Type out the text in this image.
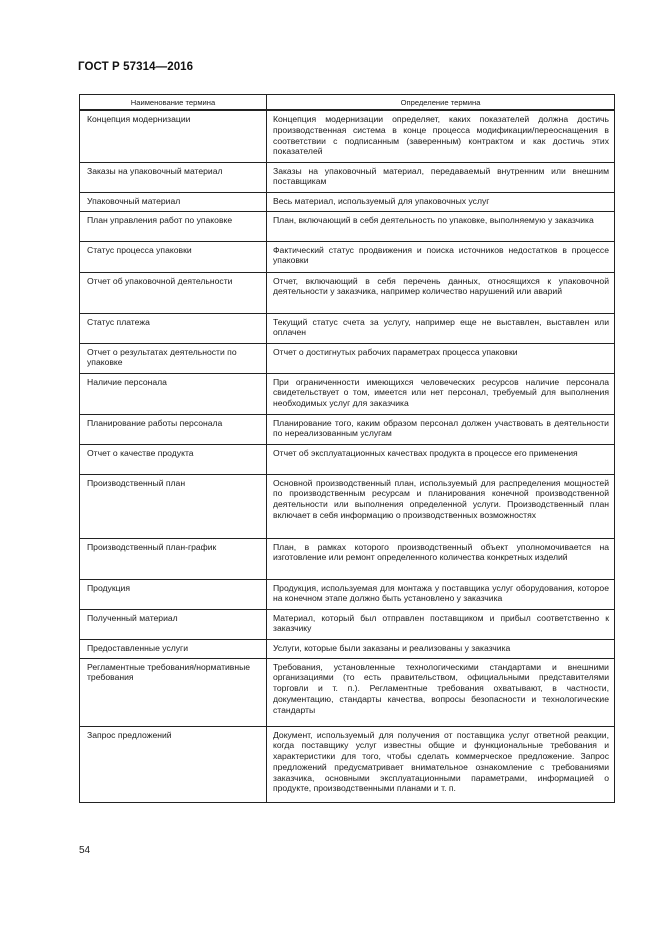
ГОСТ Р 57314—2016
Наименование термина	Определение термина
Концепция модернизации	Концепция модернизации определяет, каких показателей должна достичь производственная система в конце процесса модификации/переоснащения в соответствии с подписанным (заверенным) контрактом и как достичь этих показателей
Заказы на упаковочный материал	Заказы на упаковочный материал, передаваемый внутренним или внешним поставщикам
Упаковочный материал	Весь материал, используемый для упаковочных услуг
План управления работ по упаковке	План, включающий в себя деятельность по упаковке, выполняемую у заказчика
Статус процесса упаковки	Фактический статус продвижения и поиска источников недостатков в процессе упаковки
Отчет об упаковочной деятельности	Отчет, включающий в себя перечень данных, относящихся к упаковочной деятельности у заказчика, например количество нарушений или аварий
Статус платежа	Текущий статус счета за услугу, например еще не выставлен, выставлен или оплачен
Отчет о результатах деятельности по упаковке	Отчет о достигнутых рабочих параметрах процесса упаковки
Наличие персонала	При ограниченности имеющихся человеческих ресурсов наличие персонала свидетельствует о том, имеется или нет персонал, требуемый для выполнения необходимых услуг для заказчика
Планирование работы персонала	Планирование того, каким образом персонал должен участвовать в деятельности по нереализованным услугам
Отчет о качестве продукта	Отчет об эксплуатационных качествах продукта в процессе его применения
Производственный план	Основной производственный план, используемый для распределения мощностей по производственным ресурсам и планирования конечной производственной деятельности или выполнения определенной услуги. Производственный план включает в себя информацию о производственных возможностях
Производственный план-график	План, в рамках которого производственный объект уполномочивается на изготовление или ремонт определенного количества конкретных изделий
Продукция	Продукция, используемая для монтажа у поставщика услуг оборудования, которое на конечном этапе должно быть установлено у заказчика
Полученный материал	Материал, который был отправлен поставщиком и прибыл соответственно к заказчику
Предоставленные услуги	Услуги, которые были заказаны и реализованы у заказчика
Регламентные требования/нормативные требования	Требования, установленные технологическими стандартами и внешними организациями (то есть правительством, официальными представителями торговли и т. п.). Регламентные требования охватывают, в частности, документацию, стандарты качества, вопросы безопасности и технологические стандарты
Запрос предложений	Документ, используемый для получения от поставщика услуг ответной реакции, когда поставщику услуг известны общие и функциональные требования и характеристики для того, чтобы сделать коммерческое предложение. Запрос предложений предусматривает внимательное ознакомление с требованиями заказчика, основными эксплуатационными параметрами, информацией о продукте, производственными планами и т. п.
54
